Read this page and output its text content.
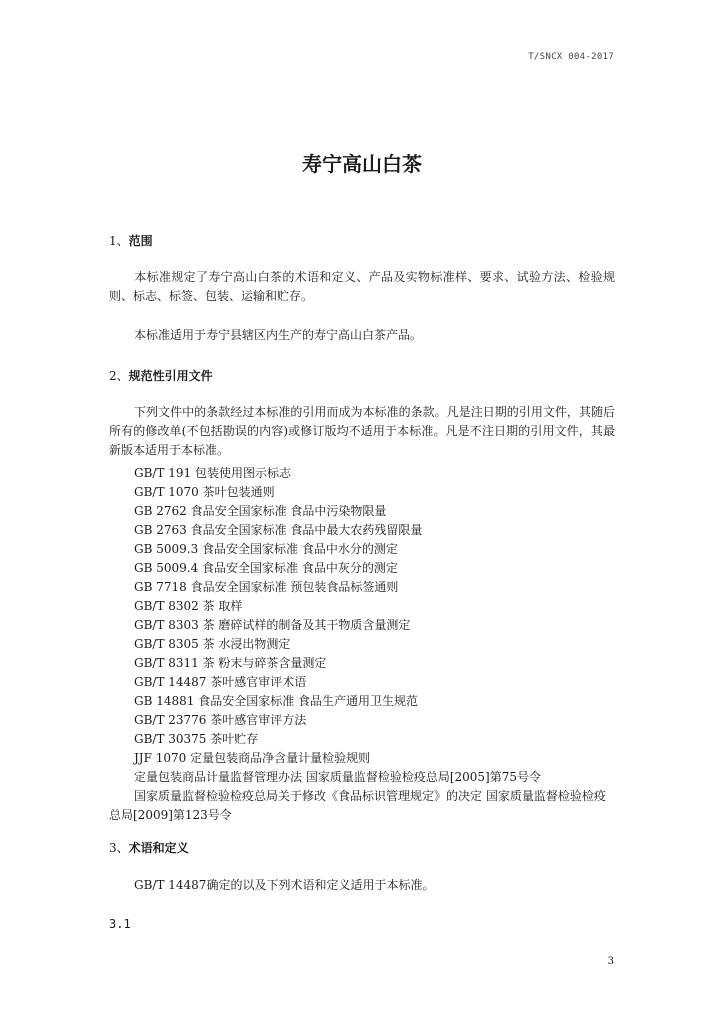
T/SNCX 004-2017
寿宁高山白茶
1、范围
本标准规定了寿宁高山白茶的术语和定义、产品及实物标准样、要求、试验方法、检验规则、标志、标签、包装、运输和贮存。
本标准适用于寿宁县辖区内生产的寿宁高山白茶产品。
2、规范性引用文件
下列文件中的条款经过本标准的引用而成为本标准的条款。凡是注日期的引用文件，其随后所有的修改单(不包括勘误的内容)或修订版均不适用于本标准。凡是不注日期的引用文件，其最新版本适用于本标准。
GB/T 191 包装使用图示标志
GB/T 1070 茶叶包装通则
GB 2762 食品安全国家标准 食品中污染物限量
GB 2763 食品安全国家标准 食品中最大农药残留限量
GB 5009.3 食品安全国家标准 食品中水分的测定
GB 5009.4 食品安全国家标准 食品中灰分的测定
GB 7718 食品安全国家标准 预包装食品标签通则
GB/T 8302 茶 取样
GB/T 8303 茶 磨碎试样的制备及其干物质含量测定
GB/T 8305 茶 水浸出物测定
GB/T 8311 茶 粉末与碎茶含量测定
GB/T 14487 茶叶感官审评术语
GB 14881 食品安全国家标准 食品生产通用卫生规范
GB/T 23776 茶叶感官审评方法
GB/T 30375 茶叶贮存
JJF 1070 定量包装商品净含量计量检验规则
定量包装商品计量监督管理办法 国家质量监督检验检疫总局[2005]第75号令
国家质量监督检验检疫总局关于修改《食品标识管理规定》的决定 国家质量监督检验检疫总局[2009]第123号令
3、术语和定义
GB/T 14487确定的以及下列术语和定义适用于本标准。
3.1
3
